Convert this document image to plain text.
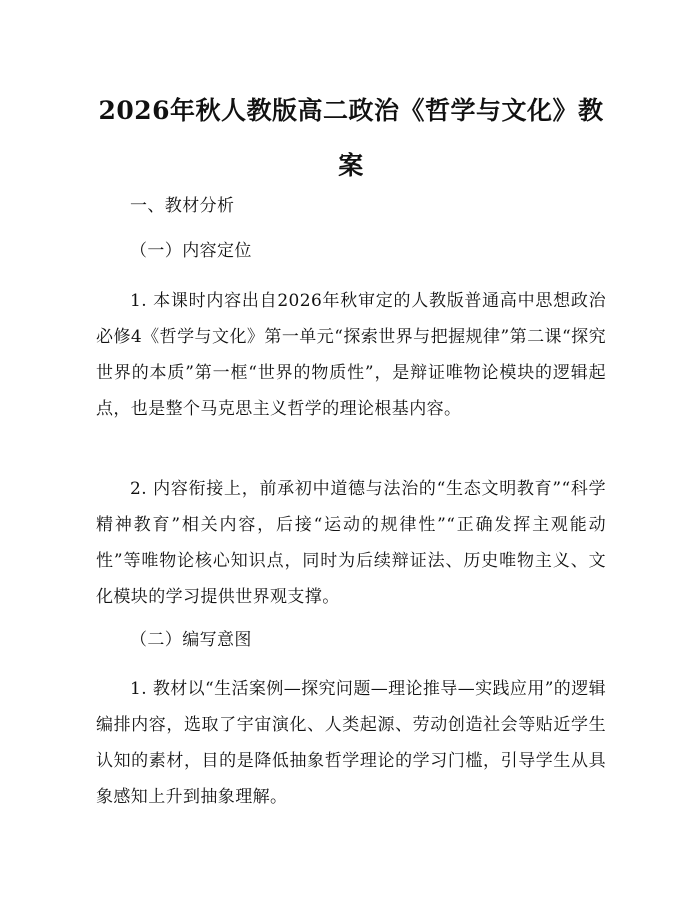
2026年秋人教版高二政治《哲学与文化》教案
一、教材分析
（一）内容定位
1. 本课时内容出自2026年秋审定的人教版普通高中思想政治必修4《哲学与文化》第一单元“探索世界与把握规律”第二课“探究世界的本质”第一框“世界的物质性”，是辩证唯物论模块的逻辑起点，也是整个马克思主义哲学的理论根基内容。
2. 内容衔接上，前承初中道德与法治的“生态文明教育”“科学精神教育”相关内容，后接“运动的规律性”“正确发挥主观能动性”等唯物论核心知识点，同时为后续辩证法、历史唯物主义、文化模块的学习提供世界观支撑。
（二）编写意图
1. 教材以“生活案例—探究问题—理论推导—实践应用”的逻辑编排内容，选取了宇宙演化、人类起源、劳动创造社会等贴近学生认知的素材，目的是降低抽象哲学理论的学习门槛，引导学生从具象感知上升到抽象理解。
